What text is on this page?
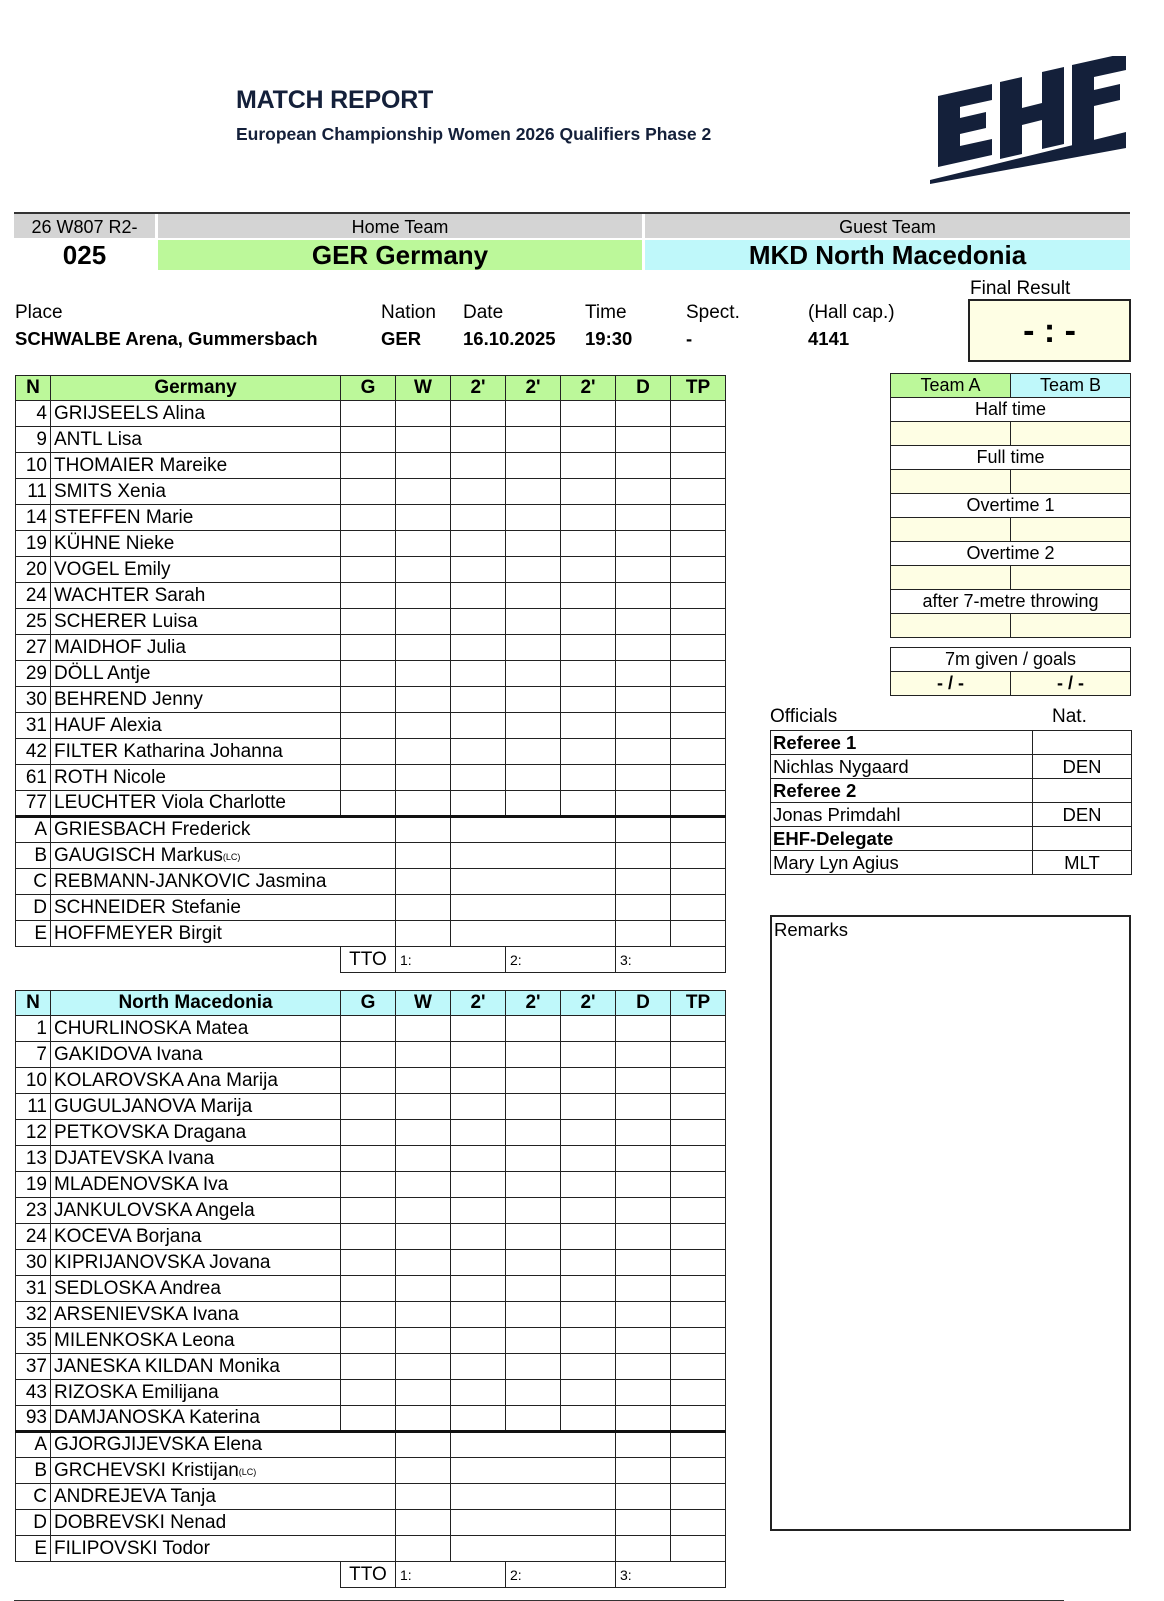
MATCH REPORT
European Championship Women 2026 Qualifiers Phase 2
26 W807 R2-
025
Home Team	Guest Team
GER Germany	MKD North Macedonia
Place
SCHWALBE Arena, Gummersbach
Nation
GER
Date
16.10.2025
Time
19:30
Spect.
-
(Hall cap.)
4141
Final Result
- : -
N	Germany	G	W	2'	2'	2'	D	TP
4	GRIJSEELS Alina							
9	ANTL Lisa							
10	THOMAIER Mareike							
11	SMITS Xenia							
14	STEFFEN Marie							
19	KÜHNE Nieke							
20	VOGEL Emily							
24	WACHTER Sarah							
25	SCHERER Luisa							
27	MAIDHOF Julia							
29	DÖLL Antje							
30	BEHREND Jenny							
31	HAUF Alexia							
42	FILTER Katharina Johanna							
61	ROTH Nicole							
77	LEUCHTER Viola Charlotte							
A	GRIESBACH Frederick							
B	GAUGISCH Markus(LC)							
C	REBMANN-JANKOVIC Jasmina							
D	SCHNEIDER Stefanie							
E	HOFFMEYER Birgit							
		TTO	1:		2:		3:	
N	North Macedonia	G	W	2'	2'	2'	D	TP
1	CHURLINOSKA Matea							
7	GAKIDOVA Ivana							
10	KOLAROVSKA Ana Marija							
11	GUGULJANOVA Marija							
12	PETKOVSKA Dragana							
13	DJATEVSKA Ivana							
19	MLADENOVSKA Iva							
23	JANKULOVSKA Angela							
24	KOCEVA Borjana							
30	KIPRIJANOVSKA Jovana							
31	SEDLOSKA Andrea							
32	ARSENIEVSKA Ivana							
35	MILENKOSKA Leona							
37	JANESKA KILDAN Monika							
43	RIZOSKA Emilijana							
93	DAMJANOSKA Katerina							
A	GJORGJIJEVSKA Elena							
B	GRCHEVSKI Kristijan(LC)							
C	ANDREJEVA Tanja							
D	DOBREVSKI Nenad							
E	FILIPOVSKI Todor							
		TTO	1:		2:		3:	
Team A	Team B
Half time	

Full time	

Overtime 1	

Overtime 2	

after 7-metre throwing	

7m given / goals
- / -	- / -
Officials	Nat.
Referee 1	
Nichlas Nygaard	DEN
Referee 2	
Jonas Primdahl	DEN
EHF-Delegate	
Mary Lyn Agius	MLT
Remarks
